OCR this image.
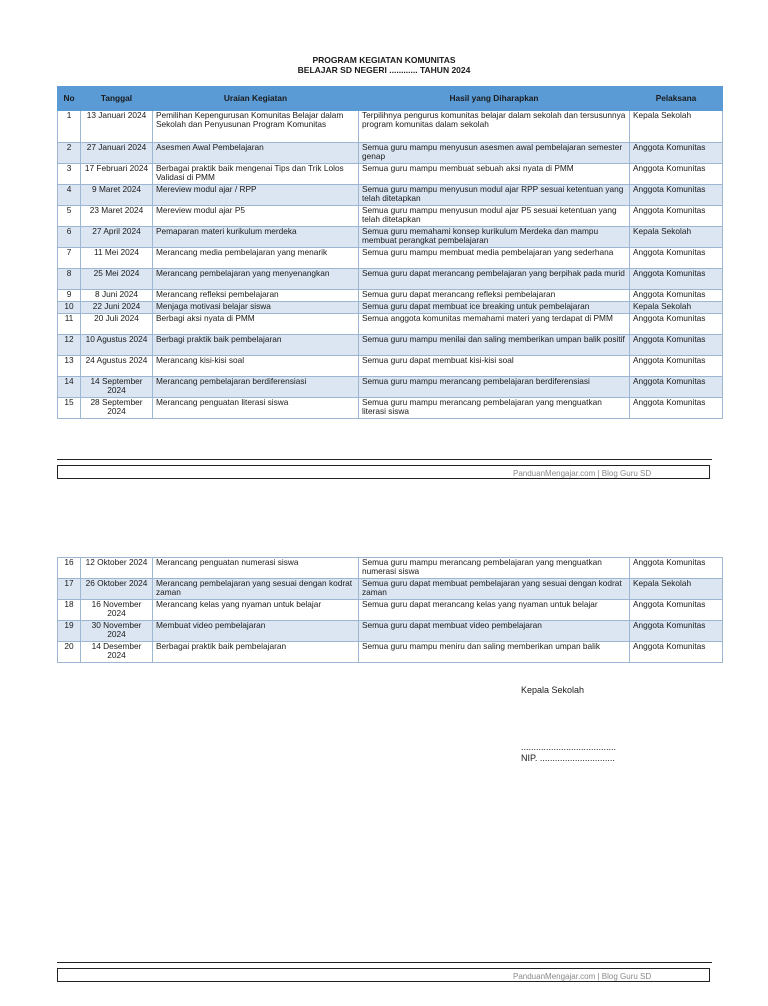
PROGRAM KEGIATAN KOMUNITAS
BELAJAR SD NEGERI ............ TAHUN 2024
No	Tanggal	Uraian Kegiatan	Hasil yang Diharapkan	Pelaksana
1	13 Januari 2024	Pemilihan Kepengurusan Komunitas Belajar dalam Sekolah dan Penyusunan Program Komunitas	Terpilihnya pengurus komunitas belajar dalam sekolah dan tersusunnya program komunitas dalam sekolah	Kepala Sekolah
2	27 Januari 2024	Asesmen Awal Pembelajaran	Semua guru mampu menyusun asesmen awal pembelajaran semester genap	Anggota Komunitas
3	17 Februari 2024	Berbagai praktik baik mengenai Tips dan Trik Lolos Validasi di PMM	Semua guru mampu membuat sebuah aksi nyata di PMM	Anggota Komunitas
4	9 Maret 2024	Mereview modul ajar / RPP	Semua guru mampu menyusun modul ajar RPP sesuai ketentuan yang telah ditetapkan	Anggota Komunitas
5	23 Maret 2024	Mereview modul ajar P5	Semua guru mampu menyusun modul ajar P5 sesuai ketentuan yang telah ditetapkan	Anggota Komunitas
6	27 April 2024	Pemaparan materi kurikulum merdeka	Semua guru memahami konsep kurikulum Merdeka dan mampu membuat perangkat pembelajaran	Kepala Sekolah
7	11 Mei 2024	Merancang media pembelajaran yang menarik	Semua guru mampu membuat media pembelajaran yang sederhana	Anggota Komunitas
8	25 Mei 2024	Merancang pembelajaran yang menyenangkan	Semua guru dapat merancang pembelajaran yang berpihak pada murid	Anggota Komunitas
9	8 Juni 2024	Merancang refleksi pembelajaran	Semua guru dapat merancang refleksi pembelajaran	Anggota Komunitas
10	22 Juni 2024	Menjaga motivasi belajar siswa	Semua guru dapat membuat ice breaking untuk pembelajaran	Kepala Sekolah
11	20 Juli 2024	Berbagi aksi nyata di PMM	Semua anggota komunitas memahami materi yang terdapat di PMM	Anggota Komunitas
12	10 Agustus 2024	Berbagi praktik baik pembelajaran	Semua guru mampu menilai dan saling memberikan umpan balik positif	Anggota Komunitas
13	24 Agustus 2024	Merancang kisi-kisi soal	Semua guru dapat membuat kisi-kisi soal	Anggota Komunitas
14	14 September 2024	Merancang pembelajaran berdiferensiasi	Semua guru mampu merancang pembelajaran berdiferensiasi	Anggota Komunitas
15	28 September 2024	Merancang penguatan literasi siswa	Semua guru mampu merancang pembelajaran yang menguatkan literasi siswa	Anggota Komunitas
PanduanMengajar.com | Blog Guru SD
16	12 Oktober 2024	Merancang penguatan numerasi siswa	Semua guru mampu merancang pembelajaran yang menguatkan numerasi siswa	Anggota Komunitas
17	26 Oktober 2024	Merancang pembelajaran yang sesuai dengan kodrat zaman	Semua guru dapat membuat pembelajaran yang sesuai dengan kodrat zaman	Kepala Sekolah
18	16 November 2024	Merancang kelas yang nyaman untuk belajar	Semua guru dapat merancang kelas yang nyaman untuk belajar	Anggota Komunitas
19	30 November 2024	Membuat video pembelajaran	Semua guru dapat membuat video pembelajaran	Anggota Komunitas
20	14 Desember 2024	Berbagai praktik baik pembelajaran	Semua guru mampu meniru dan saling memberikan umpan balik	Anggota Komunitas
Kepala Sekolah
......................................
NIP. ..............................
PanduanMengajar.com | Blog Guru SD
